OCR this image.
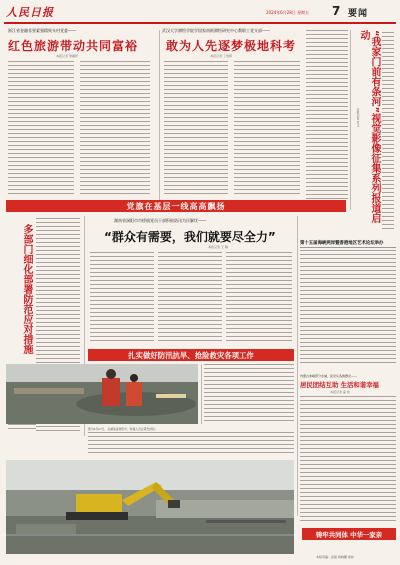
人民日报	2024年6月28日 星期五 7 要闻
浙江省金融非要素强精致头村党委——
红色旅游带动共同富裕
本报记者 窦瀚洋
武汉大学测绘学院学国家南极测绘研究中心教职工党支部——
敢为人先逐梦极地科考
本报记者 丁怡婷	“我家门前有条河”视觉影像征集系列报道启动
本报记者 付文
党旗在基层一线高高飘扬
多部门细化部署防范应对措施
湖南省洞阳市市桥镇党员干部积极防汛为民解忧——
“群众有需要，我们就要尽全力”
本报记者 王 翰
第十五届海峡两岸暨香港地区艺术论坛举办
扎实做好防汛抗旱、抢险救灾各项工作
图为6月27日，在湖南省洞阳市，救援人员在紧急排险。
内蒙古赤峰部分水域，民众从各族群众——
居民团结互助 生活和谐幸福
本报记者 翟 钦
铸牢共同体 中华一家亲
本版责编：孙振 杨晓鹏 黄林
